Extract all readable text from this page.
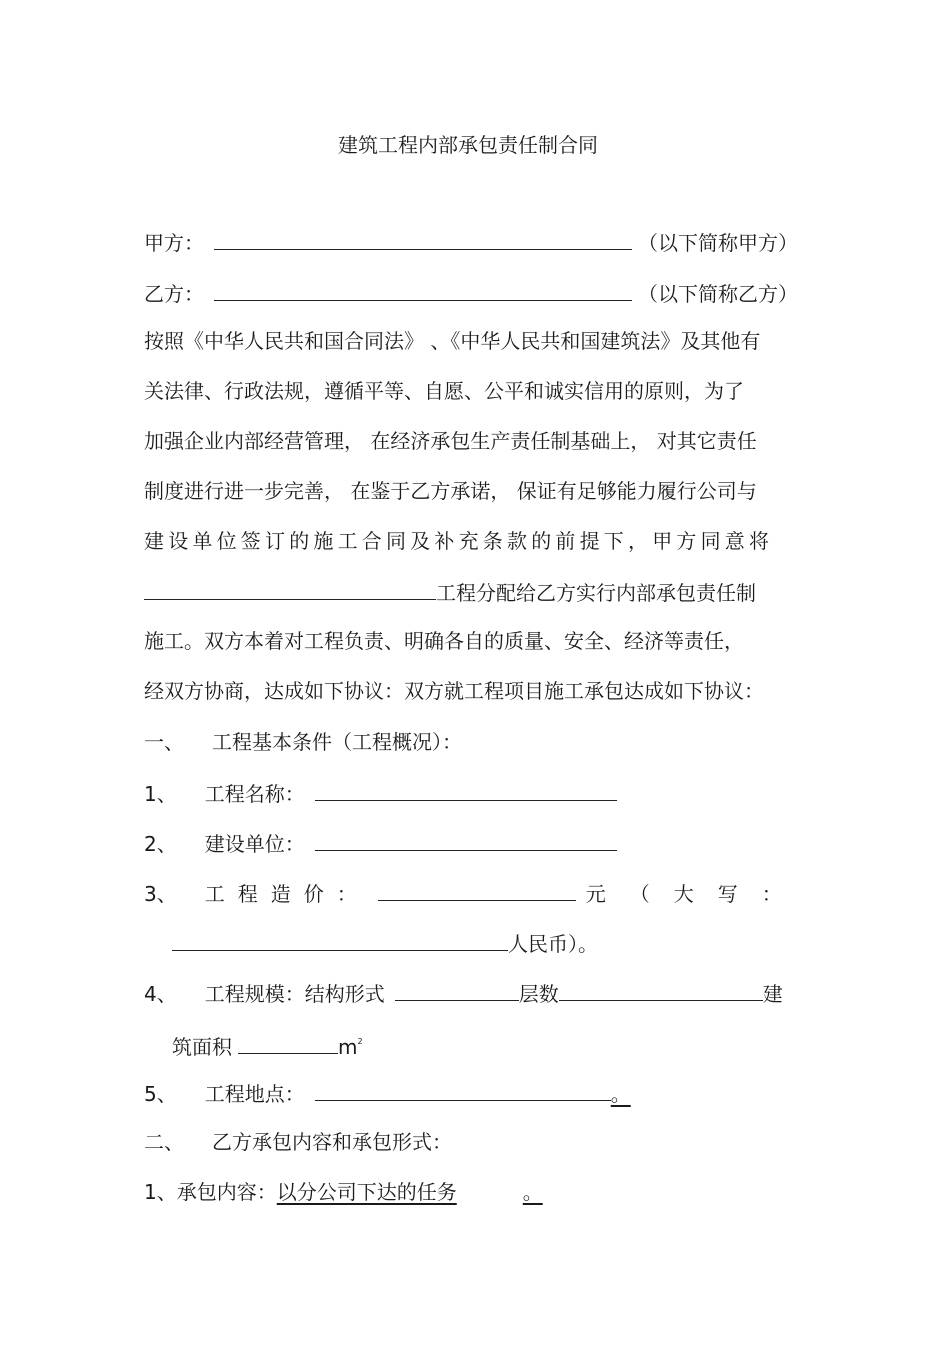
建筑工程内部承包责任制合同
甲方：	（以下简称甲方）
乙方：	（以下简称乙方）
按照《中华人民共和国合同法》 、《中华人民共和国建筑法》及其他有
关法律、行政法规，遵循平等、自愿、公平和诚实信用的原则，为了
加强企业内部经营管理， 在经济承包生产责任制基础上， 对其它责任
制度进行进一步完善， 在鉴于乙方承诺， 保证有足够能力履行公司与
建设单位签订的施工合同及补充条款的前提下，甲方同意将
工程分配给乙方实行内部承包责任制
施工。双方本着对工程负责、明确各自的质量、安全、经济等责任，
经双方协商，达成如下协议：双方就工程项目施工承包达成如下协议：
一、 工程基本条件（工程概况）：
1、 工程名称：
2、 建设单位：
3、 工程造价：	元（大写：
人民币）。
4、 工程规模：结构形式	层数	建
筑面积	$m^2$
5、 工程地点：	。
二、 乙方承包内容和承包形式：
1、承包内容：以分公司下达的任务	。
